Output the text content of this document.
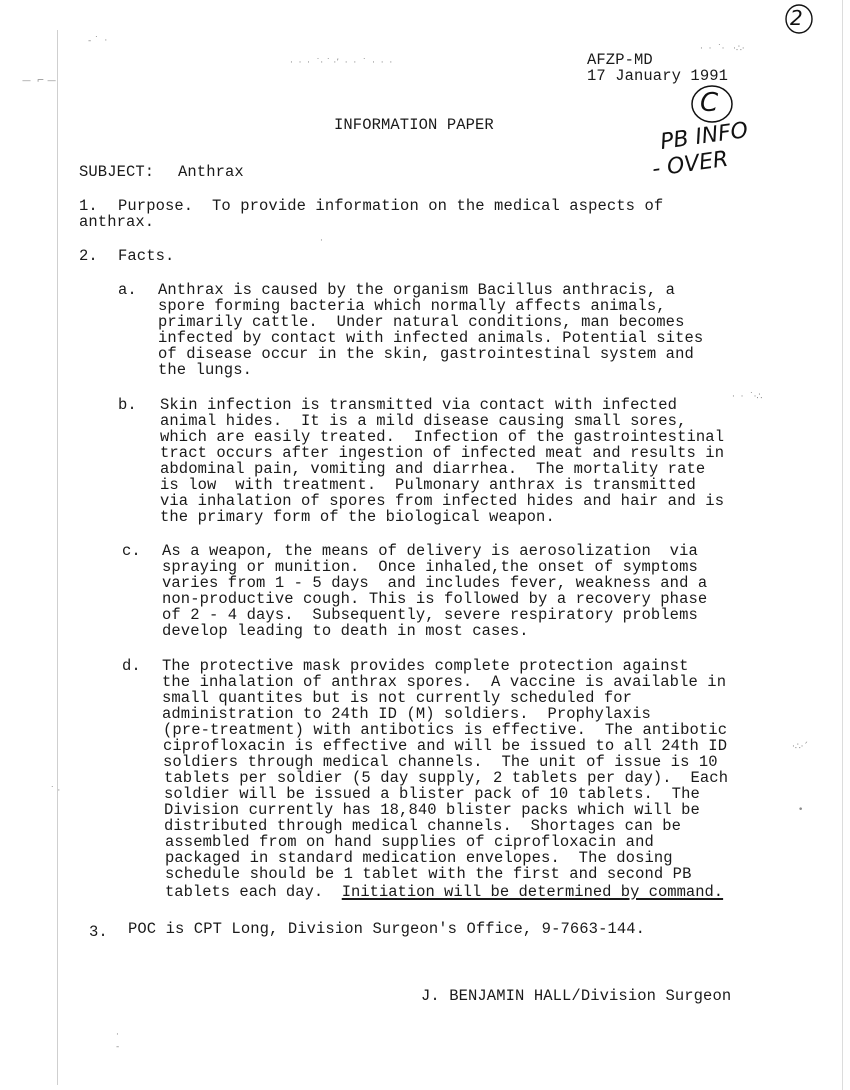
- ˙  ·
—  ⌐ —
·  ·  ·  ˙· ˙ ·ʼ  ·  ·  ˙  ·  ·  ·
·  ·  ˙·   ·∴·
·  ·  ˙·∴
·∴·ˊ
•
˙ ·
·
-
·
AFZP-MD
17 January 1991
2
C
PB INFO
- OVER
INFORMATION PAPER
SUBJECT: Anthrax
1. Purpose.  To provide information on the medical aspects of
anthrax.
2. Facts.
a. Anthrax is caused by the organism Bacillus anthracis, a
spore forming bacteria which normally affects animals,
primarily cattle.  Under natural conditions, man becomes
infected by contact with infected animals. Potential sites
of disease occur in the skin, gastrointestinal system and
the lungs.
b. Skin infection is transmitted via contact with infected
animal hides.  It is a mild disease causing small sores,
which are easily treated.  Infection of the gastrointestinal
tract occurs after ingestion of infected meat and results in
abdominal pain, vomiting and diarrhea.  The mortality rate
is low  with treatment.  Pulmonary anthrax is transmitted
via inhalation of spores from infected hides and hair and is
the primary form of the biological weapon.
c. As a weapon, the means of delivery is aerosolization  via
spraying or munition.  Once inhaled,the onset of symptoms
varies from 1 - 5 days  and includes fever, weakness and a
non-productive cough. This is followed by a recovery phase
of 2 - 4 days.  Subsequently, severe respiratory problems
develop leading to death in most cases.
d. The protective mask provides complete protection against
the inhalation of anthrax spores.  A vaccine is available in
small quantites but is not currently scheduled for
administration to 24th ID (M) soldiers.  Prophylaxis
(pre-treatment) with antibotics is effective.  The antibotic
ciprofloxacin is effective and will be issued to all 24th ID
soldiers through medical channels.  The unit of issue is 10
tablets per soldier (5 day supply, 2 tablets per day).  Each
soldier will be issued a blister pack of 10 tablets.  The
Division currently has 18,840 blister packs which will be
distributed through medical channels.  Shortages can be
assembled from on hand supplies of ciprofloxacin and
packaged in standard medication envelopes.  The dosing
schedule should be 1 tablet with the first and second PB
tablets each day.  Initiation will be determined by command.
3. POC is CPT Long, Division Surgeon's Office, 9-7663-144.
J. BENJAMIN HALL/Division Surgeon
